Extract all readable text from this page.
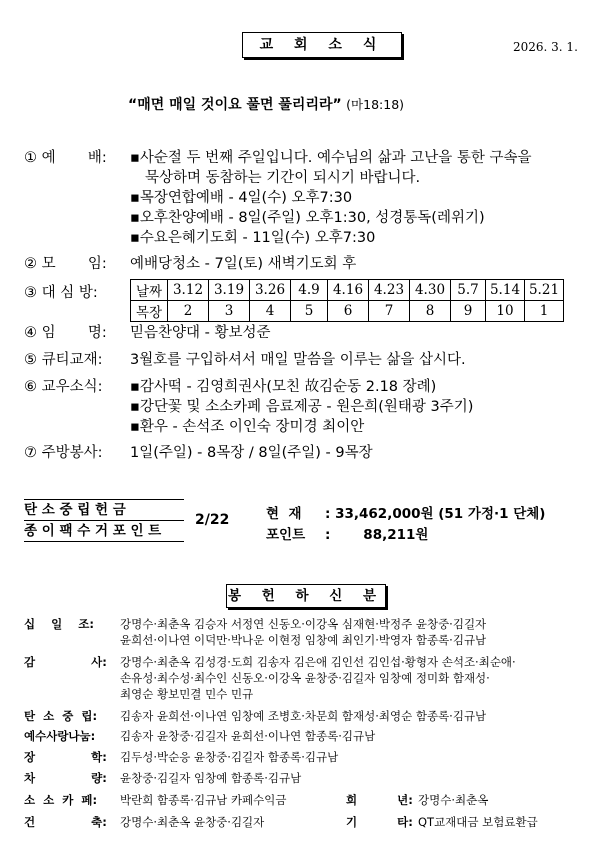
교 회 소 식	2026. 3. 1.
“매면 매일 것이요 풀면 풀리리라” (마18:18)
① 예       배: ▪사순절 두 번째 주일입니다. 예수님의 삶과 고난을 통한 구속을
묵상하며 동참하는 기간이 되시기 바랍니다.
▪목장연합예배 - 4일(수) 오후7:30
▪오후찬양예배 - 8일(주일) 오후1:30, 성경통독(레위기)
▪수요은혜기도회 - 11일(수) 오후7:30
② 모       임: 예배당청소 - 7일(토) 새벽기도회 후
③ 대 심 방:	날짜	3.12	3.19	3.26	4.9	4.16	4.23	4.30	5.7	5.14	5.21
목장	2	3	4	5	6	7	8	9	10	1
④ 임       명: 믿음찬양대 - 황보성준
⑤ 큐티교재: 3월호를 구입하셔서 매일 말씀을 이루는 삶을 삽시다.
⑥ 교우소식: ▪감사떡 - 김영희권사(모친 故김순동 2.18 장례)
▪강단꽃 및 소소카페 음료제공 - 원은희(원태광 3주기)
▪환우 - 손석조 이인숙 장미경 최이안
⑦ 주방봉사: 1일(주일) - 8목장 / 8일(주일) - 9목장
탄 소 중 립 헌 금
종 이 팩 수 거 포 인 트
2/22	현  재 : 33,462,000원 (51 가정·1 단체)
포인트 :       88,211원
봉 헌 하 신 분
십    일    조: 강명수·최춘옥 김승자 서정연 신동오·이강옥 심재현·박정주 윤창중·김길자
윤희선·이나연 이덕만·박나운 이현정 임창예 최인기·박영자 함종록·김규남
감              사: 강명수·최춘옥 김성경·도희 김송자 김은애 김인선 김인섭·황형자 손석조·최순애·
손유성·최수성·최수인 신동오·이강옥 윤창중·김길자 임창예 정미화 함재성·
최영순 황보민결 민수 민규
탄  소  중  립: 김송자 윤희선·이나연 임창예 조병호·차문희 함재성·최영순 함종록·김규남
예수사랑나눔: 김송자 윤창중·김길자 윤희선·이나연 함종록·김규남
장              학: 김두성·박순응 윤창중·김길자 함종록·김규남
차              량: 윤창중·김길자 임창예 함종록·김규남
소  소  카  페: 박란희 함종록·김규남 카페수익금	희          년: 강명수·최춘옥
건              축: 강명수·최춘옥 윤창중·김길자	기          타: QT교재대금 보험료환급
